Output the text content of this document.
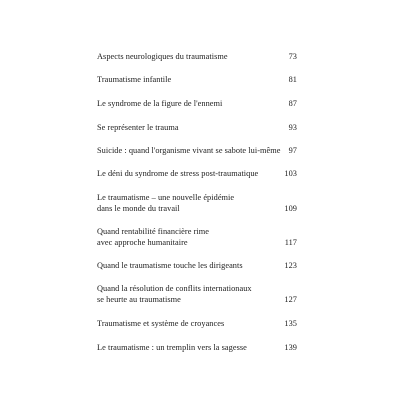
Aspects neurologiques du traumatisme	73
Traumatisme infantile	81
Le syndrome de la figure de l'ennemi	87
Se représenter le trauma	93
Suicide : quand l'organisme vivant se sabote lui-même 97
Le déni du syndrome de stress post-traumatique	103
Le traumatisme – une nouvelle épidémie
dans le monde du travail	109
Quand rentabilité financière rime
avec approche humanitaire	117
Quand le traumatisme touche les dirigeants	123
Quand la résolution de conflits internationaux
se heurte au traumatisme	127
Traumatisme et système de croyances	135
Le traumatisme : un tremplin vers la sagesse	139
